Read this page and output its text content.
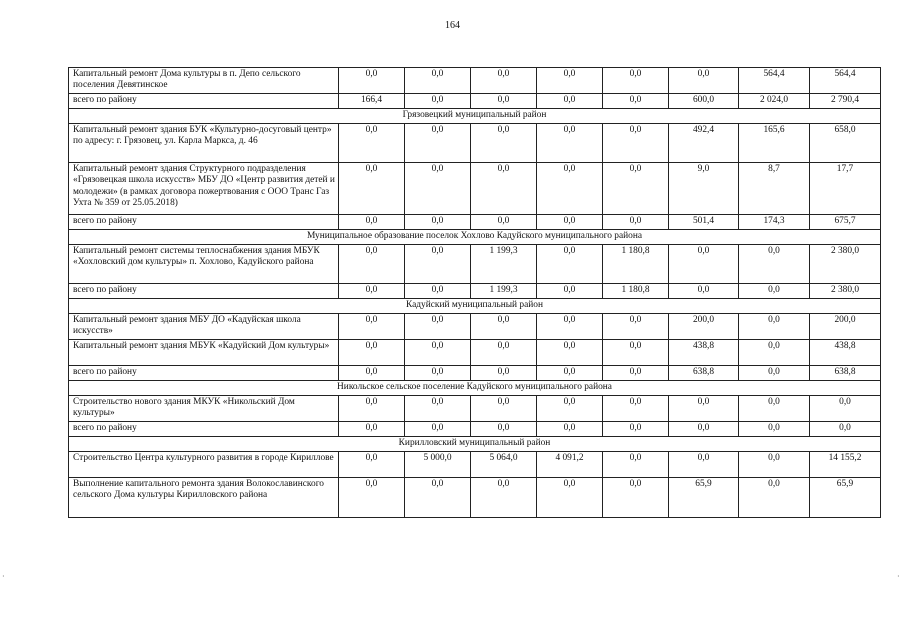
164
Капитальный ремонт Дома культуры в п. Депо сельского поселения Девятинское	0,0	0,0	0,0	0,0	0,0	0,0	564,4	564,4
всего по району	166,4	0,0	0,0	0,0	0,0	600,0	2 024,0	2 790,4
Грязовецкий муниципальный район								
Капитальный ремонт здания БУК «Культурно-досуговый центр» по адресу: г. Грязовец, ул. Карла Маркса, д. 46	0,0	0,0	0,0	0,0	0,0	492,4	165,6	658,0
Капитальный ремонт здания Структурного подразделения «Грязовецкая школа искусств» МБУ ДО «Центр развития детей и молодежи» (в рамках договора пожертвования с ООО Транс Газ Ухта № 359 от 25.05.2018)	0,0	0,0	0,0	0,0	0,0	9,0	8,7	17,7
всего по району	0,0	0,0	0,0	0,0	0,0	501,4	174,3	675,7
Муниципальное образование поселок Хохлово Кадуйского муниципального района								
Капитальный ремонт системы теплоснабжения здания МБУК «Хохловский дом культуры» п. Хохлово, Кадуйского района	0,0	0,0	1 199,3	0,0	1 180,8	0,0	0,0	2 380,0
всего по району	0,0	0,0	1 199,3	0,0	1 180,8	0,0	0,0	2 380,0
Кадуйский муниципальный район								
Капитальный ремонт здания МБУ ДО «Кадуйская школа искусств»	0,0	0,0	0,0	0,0	0,0	200,0	0,0	200,0
Капитальный ремонт здания МБУК «Кадуйский Дом культуры»	0,0	0,0	0,0	0,0	0,0	438,8	0,0	438,8
всего по району	0,0	0,0	0,0	0,0	0,0	638,8	0,0	638,8
Никольское сельское поселение Кадуйского муниципального района								
Строительство нового здания МКУК «Никольский Дом культуры»	0,0	0,0	0,0	0,0	0,0	0,0	0,0	0,0
всего по району	0,0	0,0	0,0	0,0	0,0	0,0	0,0	0,0
Кирилловский муниципальный район								
Строительство Центра культурного развития в городе Кириллове	0,0	5 000,0	5 064,0	4 091,2	0,0	0,0	0,0	14 155,2
Выполнение капитального ремонта здания Волокославинского сельского Дома культуры Кирилловского района	0,0	0,0	0,0	0,0	0,0	65,9	0,0	65,9
·	·
